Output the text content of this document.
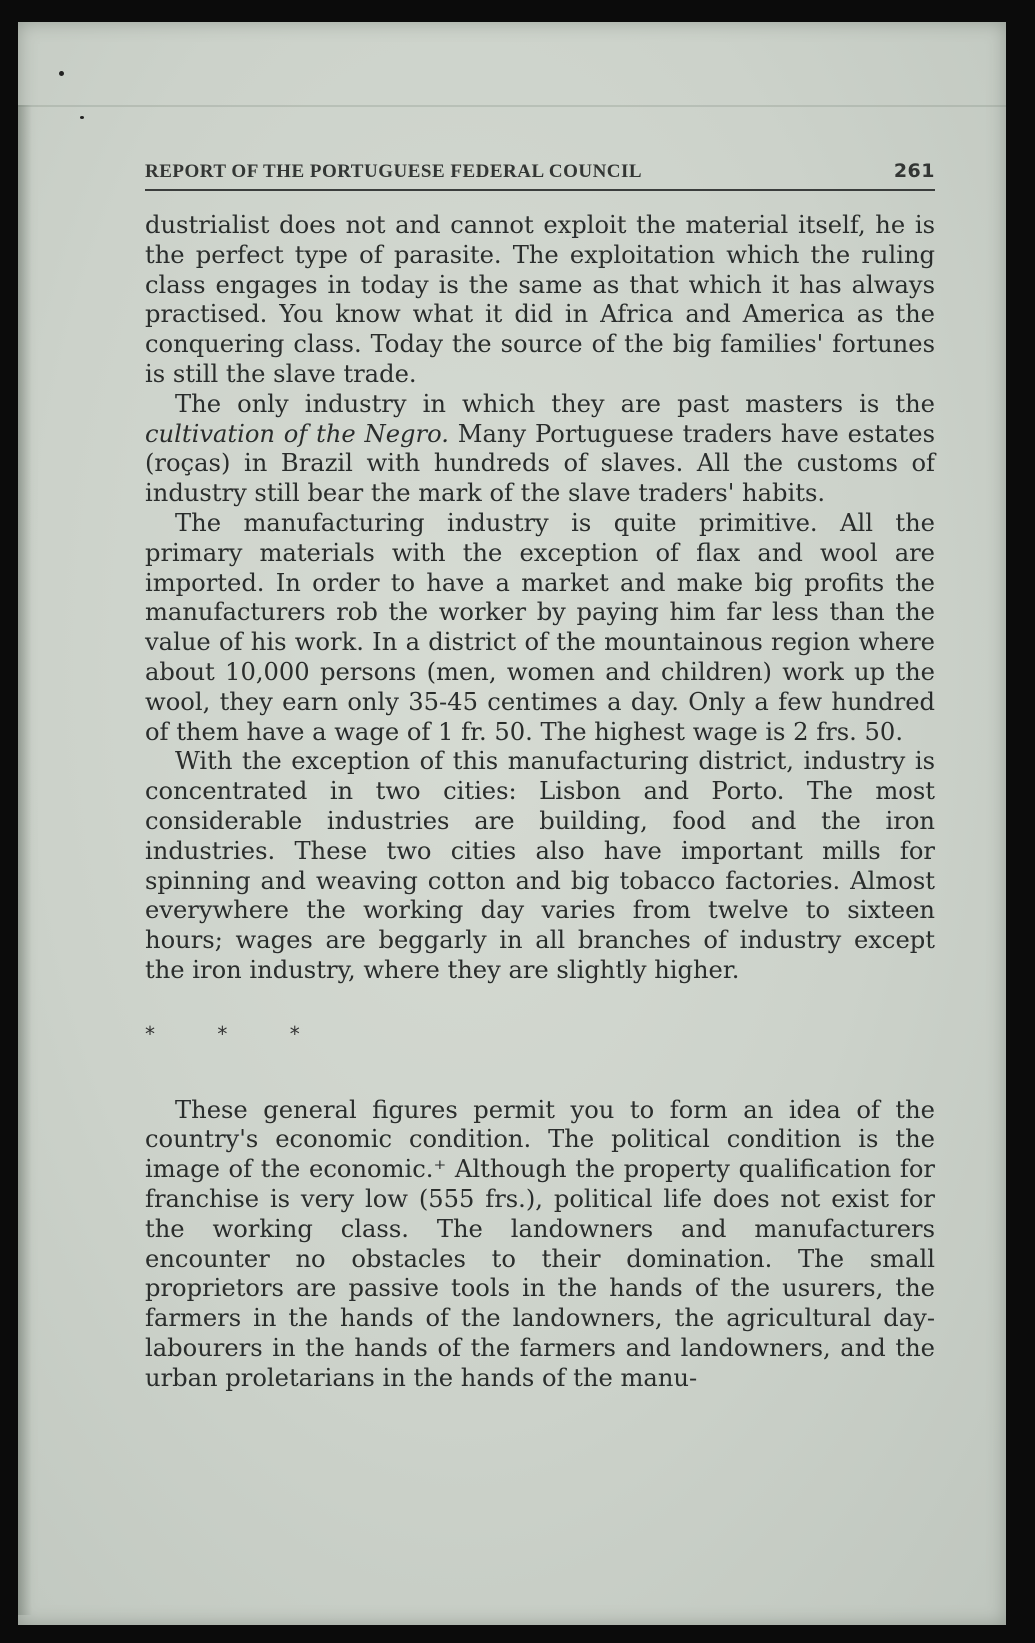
REPORT OF THE PORTUGUESE FEDERAL COUNCIL	261

dustrialist does not and cannot exploit the material itself, he is the perfect type of parasite. The exploitation which the ruling class engages in today is the same as that which it has always practised. You know what it did in Africa and America as the conquering class. Today the source of the big families' fortunes is still the slave trade.

The only industry in which they are past masters is the cultivation of the Negro. Many Portuguese traders have estates (roças) in Brazil with hundreds of slaves. All the customs of industry still bear the mark of the slave traders' habits.

The manufacturing industry is quite primitive. All the primary materials with the exception of flax and wool are imported. In order to have a market and make big profits the manufacturers rob the worker by paying him far less than the value of his work. In a district of the mountainous region where about 10,000 persons (men, women and children) work up the wool, they earn only 35-45 centimes a day. Only a few hundred of them have a wage of 1 fr. 50. The highest wage is 2 frs. 50.

With the exception of this manufacturing district, industry is concentrated in two cities: Lisbon and Porto. The most considerable industries are building, food and the iron industries. These two cities also have important mills for spinning and weaving cotton and big tobacco factories. Almost everywhere the working day varies from twelve to sixteen hours; wages are beggarly in all branches of industry except the iron industry, where they are slightly higher.

* * *

These general figures permit you to form an idea of the country's economic condition. The political condition is the image of the economic.⁺ Although the property qualification for franchise is very low (555 frs.), political life does not exist for the working class. The landowners and manufacturers encounter no obstacles to their domination. The small proprietors are passive tools in the hands of the usurers, the farmers in the hands of the landowners, the agricultural day-labourers in the hands of the farmers and landowners, and the urban proletarians in the hands of the manu-
